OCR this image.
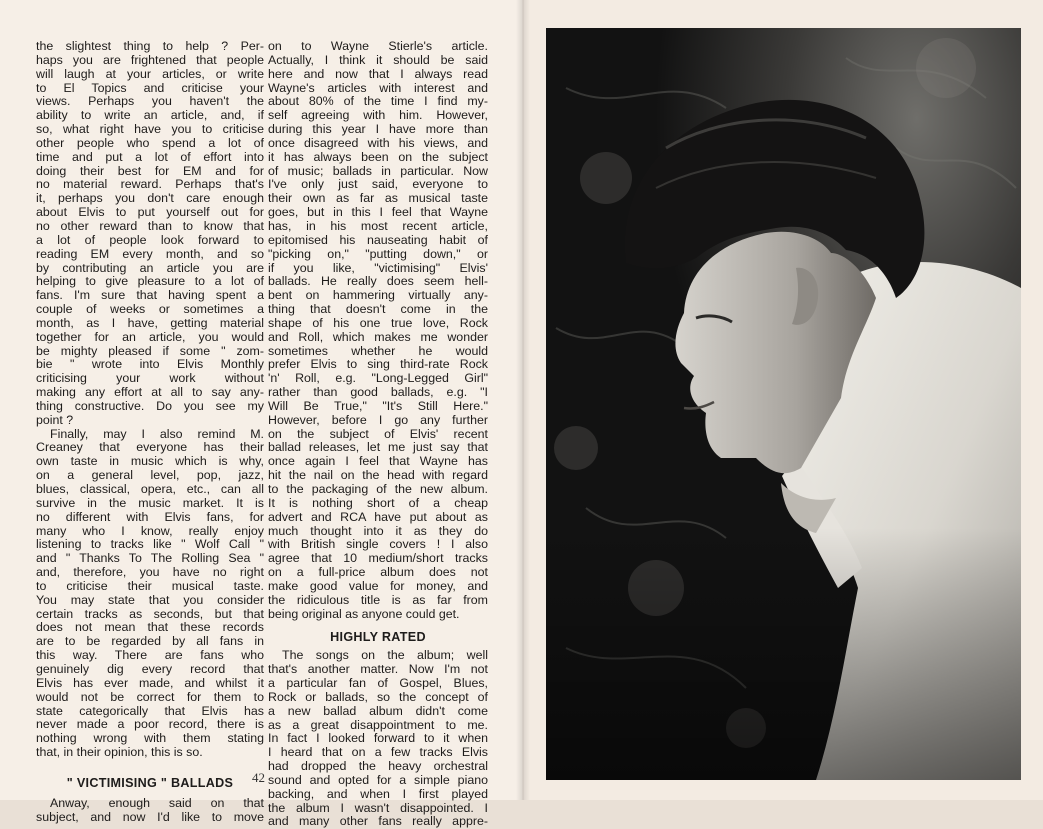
the slightest thing to help ? Per-
haps you are frightened that people
will laugh at your articles, or write
to El Topics and criticise your
views. Perhaps you haven't the
ability to write an article, and, if
so, what right have you to criticise
other people who spend a lot of
time and put a lot of effort into
doing their best for EM and for
no material reward. Perhaps that's
it, perhaps you don't care enough
about Elvis to put yourself out for
no other reward than to know that
a lot of people look forward to
reading EM every month, and so
by contributing an article you are
helping to give pleasure to a lot of
fans. I'm sure that having spent a
couple of weeks or sometimes a
month, as I have, getting material
together for an article, you would
be mighty pleased if some " zom-
bie " wrote into Elvis Monthly
criticising your work without
making any effort at all to say any-
thing constructive. Do you see my
point ?

Finally, may I also remind M.
Creaney that everyone has their
own taste in music which is why,
on a general level, pop, jazz,
blues, classical, opera, etc., can all
survive in the music market. It is
no different with Elvis fans, for
many who I know, really enjoy
listening to tracks like " Wolf Call "
and " Thanks To The Rolling Sea "
and, therefore, you have no right
to criticise their musical taste.
You may state that you consider
certain tracks as seconds, but that
does not mean that these records
are to be regarded by all fans in
this way. There are fans who
genuinely dig every record that
Elvis has ever made, and whilst it
would not be correct for them to
state categorically that Elvis has
never made a poor record, there is
nothing wrong with them stating
that, in their opinion, this is so.

" VICTIMISING " BALLADS

Anway, enough said on that
subject, and now I'd like to move

on to Wayne Stierle's article.
Actually, I think it should be said
here and now that I always read
Wayne's articles with interest and
about 80% of the time I find my-
self agreeing with him. However,
during this year I have more than
once disagreed with his views, and
it has always been on the subject
of music; ballads in particular. Now
I've only just said, everyone to
their own as far as musical taste
goes, but in this I feel that Wayne
has, in his most recent article,
epitomised his nauseating habit of
"picking on," "putting down," or
if you like, "victimising" Elvis'
ballads. He really does seem hell-
bent on hammering virtually any-
thing that doesn't come in the
shape of his one true love, Rock
and Roll, which makes me wonder
sometimes whether he would
prefer Elvis to sing third-rate Rock
'n' Roll, e.g. "Long-Legged Girl"
rather than good ballads, e.g. "I
Will Be True," "It's Still Here."
However, before I go any further
on the subject of Elvis' recent
ballad releases, let me just say that
once again I feel that Wayne has
hit the nail on the head with regard
to the packaging of the new album.
It is nothing short of a cheap
advert and RCA have put about as
much thought into it as they do
with British single covers ! I also
agree that 10 medium/short tracks
on a full-price album does not
make good value for money, and
the ridiculous title is as far from
being original as anyone could get.

HIGHLY RATED

The songs on the album; well
that's another matter. Now I'm not
a particular fan of Gospel, Blues,
Rock or ballads, so the concept of
a new ballad album didn't come
as a great disappointment to me.
In fact I looked forward to it when
I heard that on a few tracks Elvis
had dropped the heavy orchestral
sound and opted for a simple piano
backing, and when I first played
the album I wasn't disappointed. I
and many other fans really appre-

42
